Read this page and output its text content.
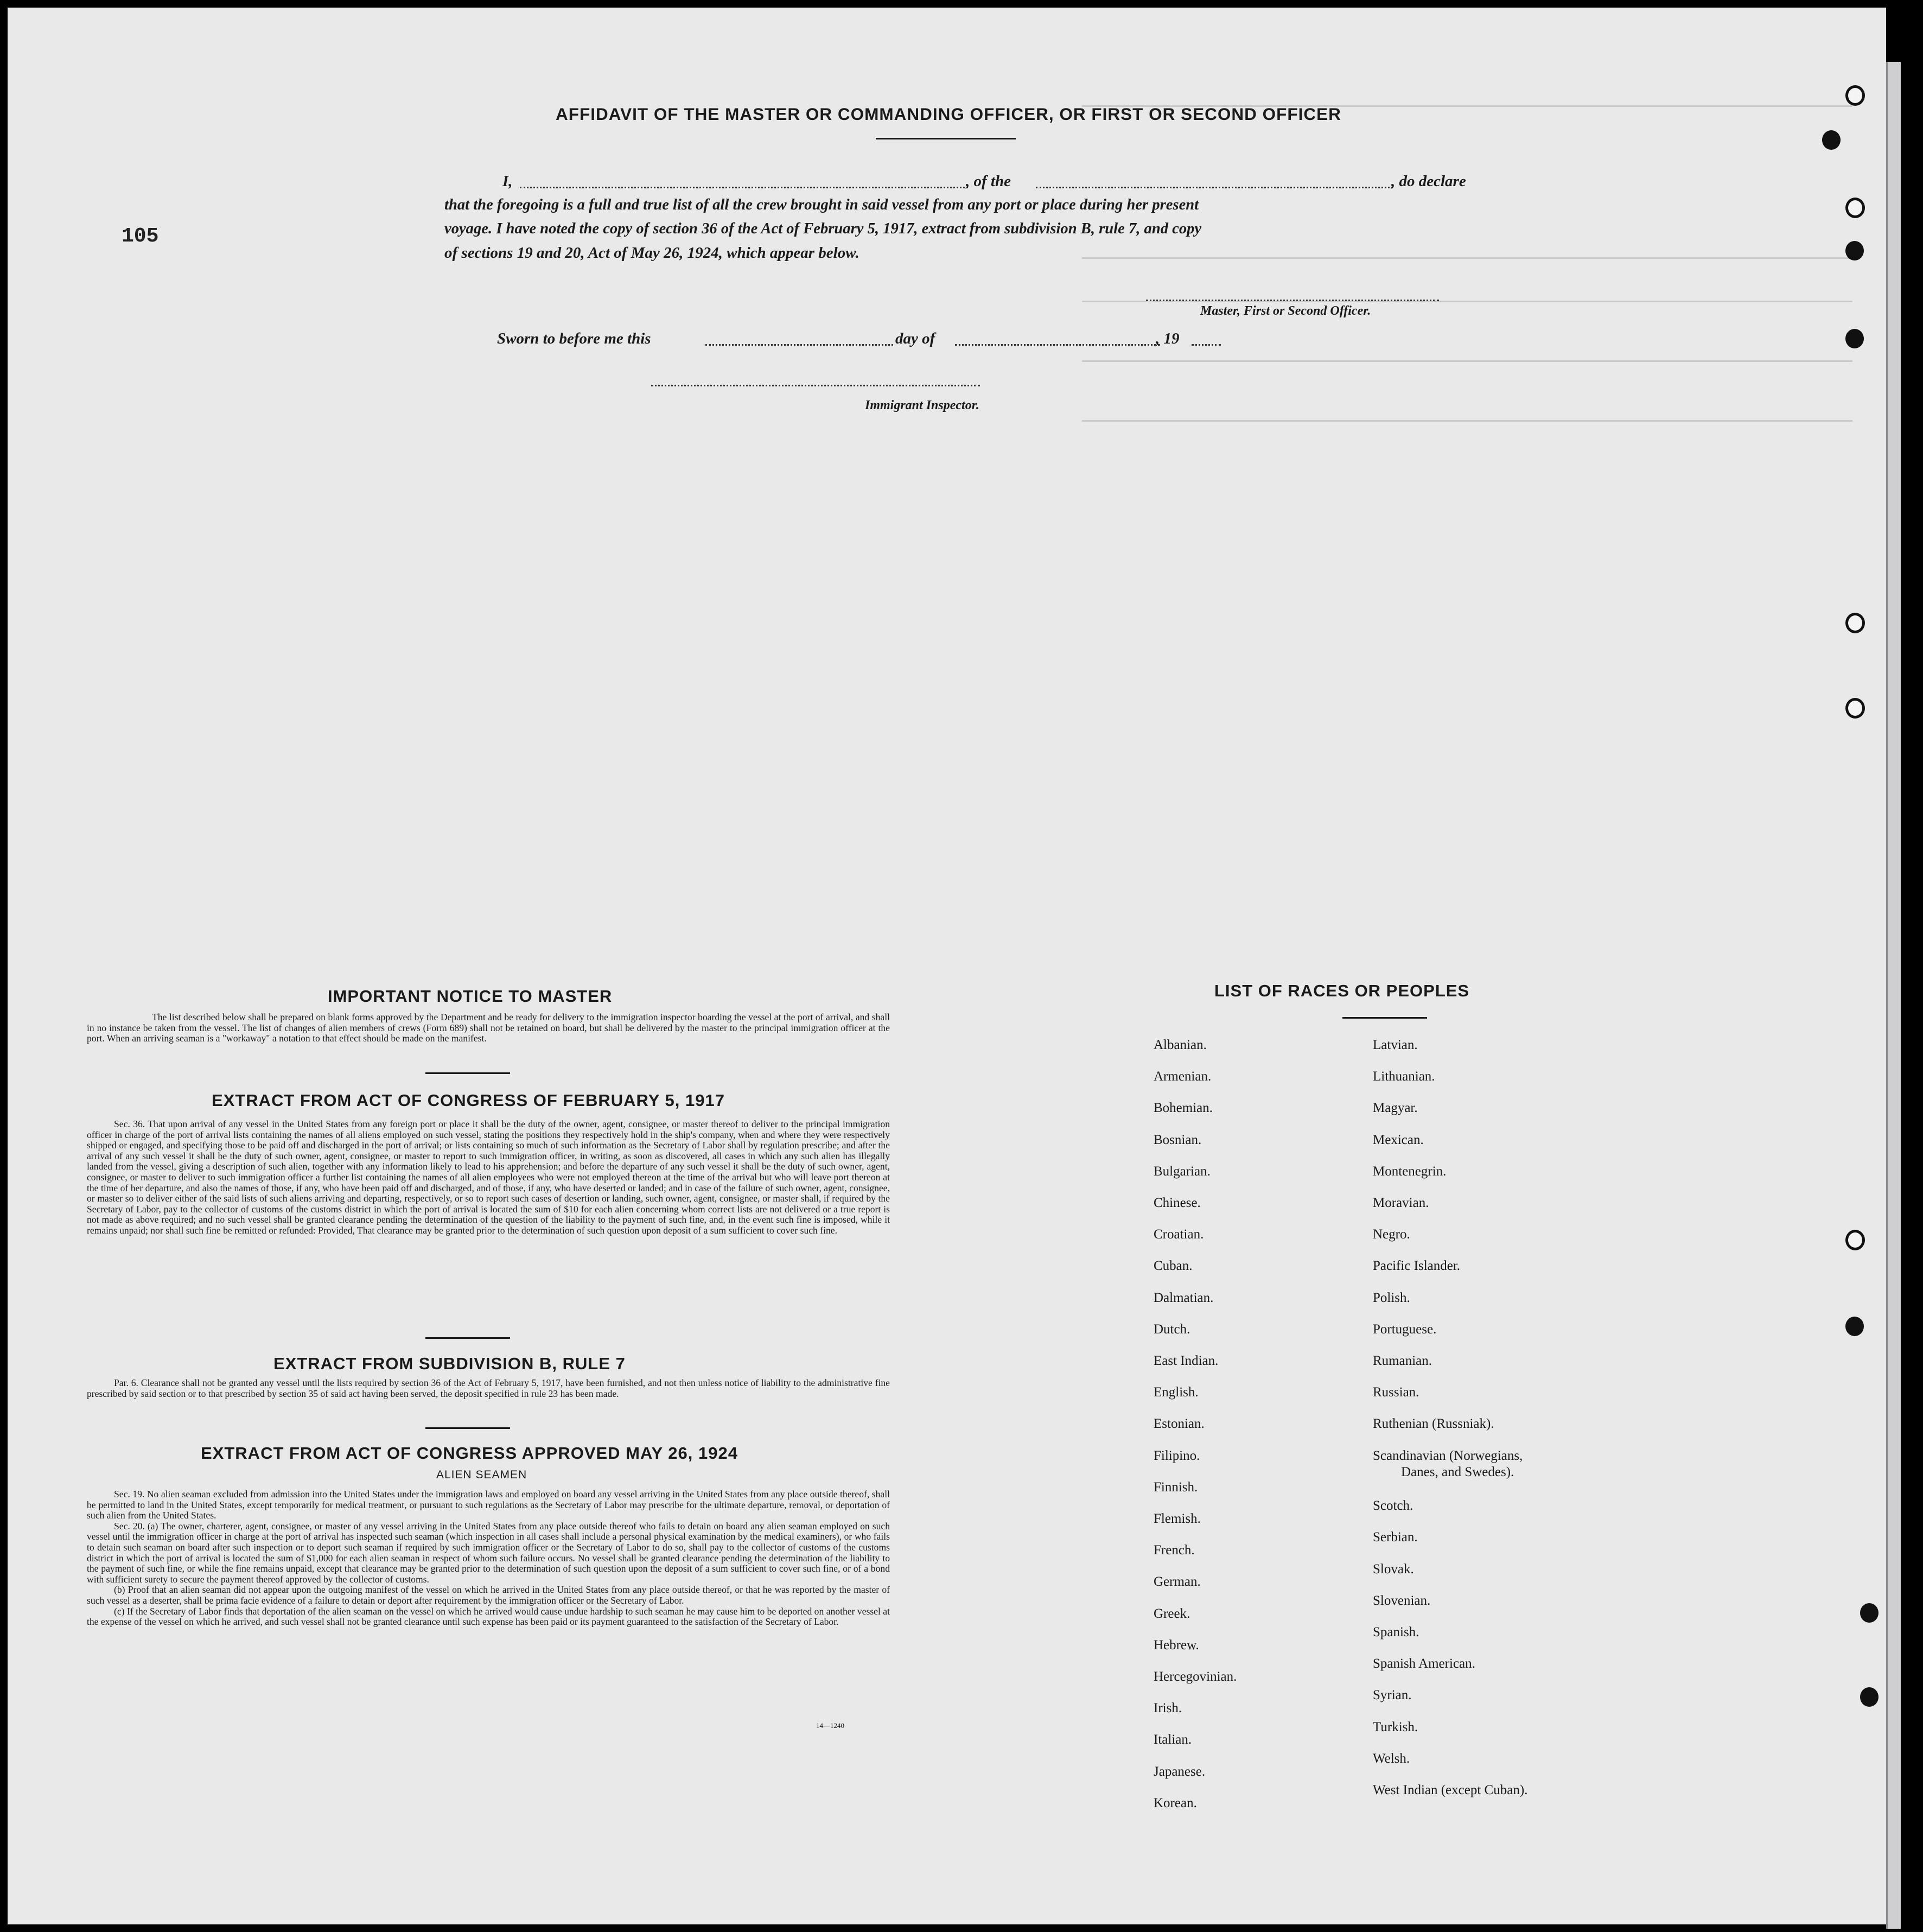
105
AFFIDAVIT OF THE MASTER OR COMMANDING OFFICER, OR FIRST OR SECOND OFFICER
I,	, of the	, do declare
that the foregoing is a full and true list of all the crew brought in said vessel from any port or place during her present
voyage. I have noted the copy of section 36 of the Act of February 5, 1917, extract from subdivision B, rule 7, and copy
of sections 19 and 20, Act of May 26, 1924, which appear below.
Master, First or Second Officer.
Sworn to before me this	day of	, 19
Immigrant Inspector.
IMPORTANT NOTICE TO MASTER
The list described below shall be prepared on blank forms approved by the Department and be ready for delivery to the immigration inspector boarding the vessel at the port of arrival, and shall in no instance be taken from the vessel. The list of changes of alien members of crews (Form 689) shall not be retained on board, but shall be delivered by the master to the principal immigration officer at the port. When an arriving seaman is a "workaway" a notation to that effect should be made on the manifest.
EXTRACT FROM ACT OF CONGRESS OF FEBRUARY 5, 1917
Sec. 36. That upon arrival of any vessel in the United States from any foreign port or place it shall be the duty of the owner, agent, consignee, or master thereof to deliver to the principal immigration officer in charge of the port of arrival lists containing the names of all aliens employed on such vessel, stating the positions they respectively hold in the ship's company, when and where they were respectively shipped or engaged, and specifying those to be paid off and discharged in the port of arrival; or lists containing so much of such information as the Secretary of Labor shall by regulation prescribe; and after the arrival of any such vessel it shall be the duty of such owner, agent, consignee, or master to report to such immigration officer, in writing, as soon as discovered, all cases in which any such alien has illegally landed from the vessel, giving a description of such alien, together with any information likely to lead to his apprehension; and before the departure of any such vessel it shall be the duty of such owner, agent, consignee, or master to deliver to such immigration officer a further list containing the names of all alien employees who were not employed thereon at the time of the arrival but who will leave port thereon at the time of her departure, and also the names of those, if any, who have been paid off and discharged, and of those, if any, who have deserted or landed; and in case of the failure of such owner, agent, consignee, or master so to deliver either of the said lists of such aliens arriving and departing, respectively, or so to report such cases of desertion or landing, such owner, agent, consignee, or master shall, if required by the Secretary of Labor, pay to the collector of customs of the customs district in which the port of arrival is located the sum of $10 for each alien concerning whom correct lists are not delivered or a true report is not made as above required; and no such vessel shall be granted clearance pending the determination of the question of the liability to the payment of such fine, and, in the event such fine is imposed, while it remains unpaid; nor shall such fine be remitted or refunded: Provided, That clearance may be granted prior to the determination of such question upon deposit of a sum sufficient to cover such fine.
EXTRACT FROM SUBDIVISION B, RULE 7
Par. 6. Clearance shall not be granted any vessel until the lists required by section 36 of the Act of February 5, 1917, have been furnished, and not then unless notice of liability to the administrative fine prescribed by said section or to that prescribed by section 35 of said act having been served, the deposit specified in rule 23 has been made.
EXTRACT FROM ACT OF CONGRESS APPROVED MAY 26, 1924
ALIEN SEAMEN

Sec. 19. No alien seaman excluded from admission into the United States under the immigration laws and employed on board any vessel arriving in the United States from any place outside thereof, shall be permitted to land in the United States, except temporarily for medical treatment, or pursuant to such regulations as the Secretary of Labor may prescribe for the ultimate departure, removal, or deportation of such alien from the United States.

Sec. 20. (a) The owner, charterer, agent, consignee, or master of any vessel arriving in the United States from any place outside thereof who fails to detain on board any alien seaman employed on such vessel until the immigration officer in charge at the port of arrival has inspected such seaman (which inspection in all cases shall include a personal physical examination by the medical examiners), or who fails to detain such seaman on board after such inspection or to deport such seaman if required by such immigration officer or the Secretary of Labor to do so, shall pay to the collector of customs of the customs district in which the port of arrival is located the sum of $1,000 for each alien seaman in respect of whom such failure occurs. No vessel shall be granted clearance pending the determination of the liability to the payment of such fine, or while the fine remains unpaid, except that clearance may be granted prior to the determination of such question upon the deposit of a sum sufficient to cover such fine, or of a bond with sufficient surety to secure the payment thereof approved by the collector of customs.

(b) Proof that an alien seaman did not appear upon the outgoing manifest of the vessel on which he arrived in the United States from any place outside thereof, or that he was reported by the master of such vessel as a deserter, shall be prima facie evidence of a failure to detain or deport after requirement by the immigration officer or the Secretary of Labor.

(c) If the Secretary of Labor finds that deportation of the alien seaman on the vessel on which he arrived would cause undue hardship to such seaman he may cause him to be deported on another vessel at the expense of the vessel on which he arrived, and such vessel shall not be granted clearance until such expense has been paid or its payment guaranteed to the satisfaction of the Secretary of Labor.

14—1240
LIST OF RACES OR PEOPLES
Albanian.
Armenian.
Bohemian.
Bosnian.
Bulgarian.
Chinese.
Croatian.
Cuban.
Dalmatian.
Dutch.
East Indian.
English.
Estonian.
Filipino.
Finnish.
Flemish.
French.
German.
Greek.
Hebrew.
Hercegovinian.
Irish.
Italian.
Japanese.
Korean.
Latvian.
Lithuanian.
Magyar.
Mexican.
Montenegrin.
Moravian.
Negro.
Pacific Islander.
Polish.
Portuguese.
Rumanian.
Russian.
Ruthenian (Russniak).
Scandinavian (Norwegians,
Danes, and Swedes).
Scotch.
Serbian.
Slovak.
Slovenian.
Spanish.
Spanish American.
Syrian.
Turkish.
Welsh.
West Indian (except Cuban).
